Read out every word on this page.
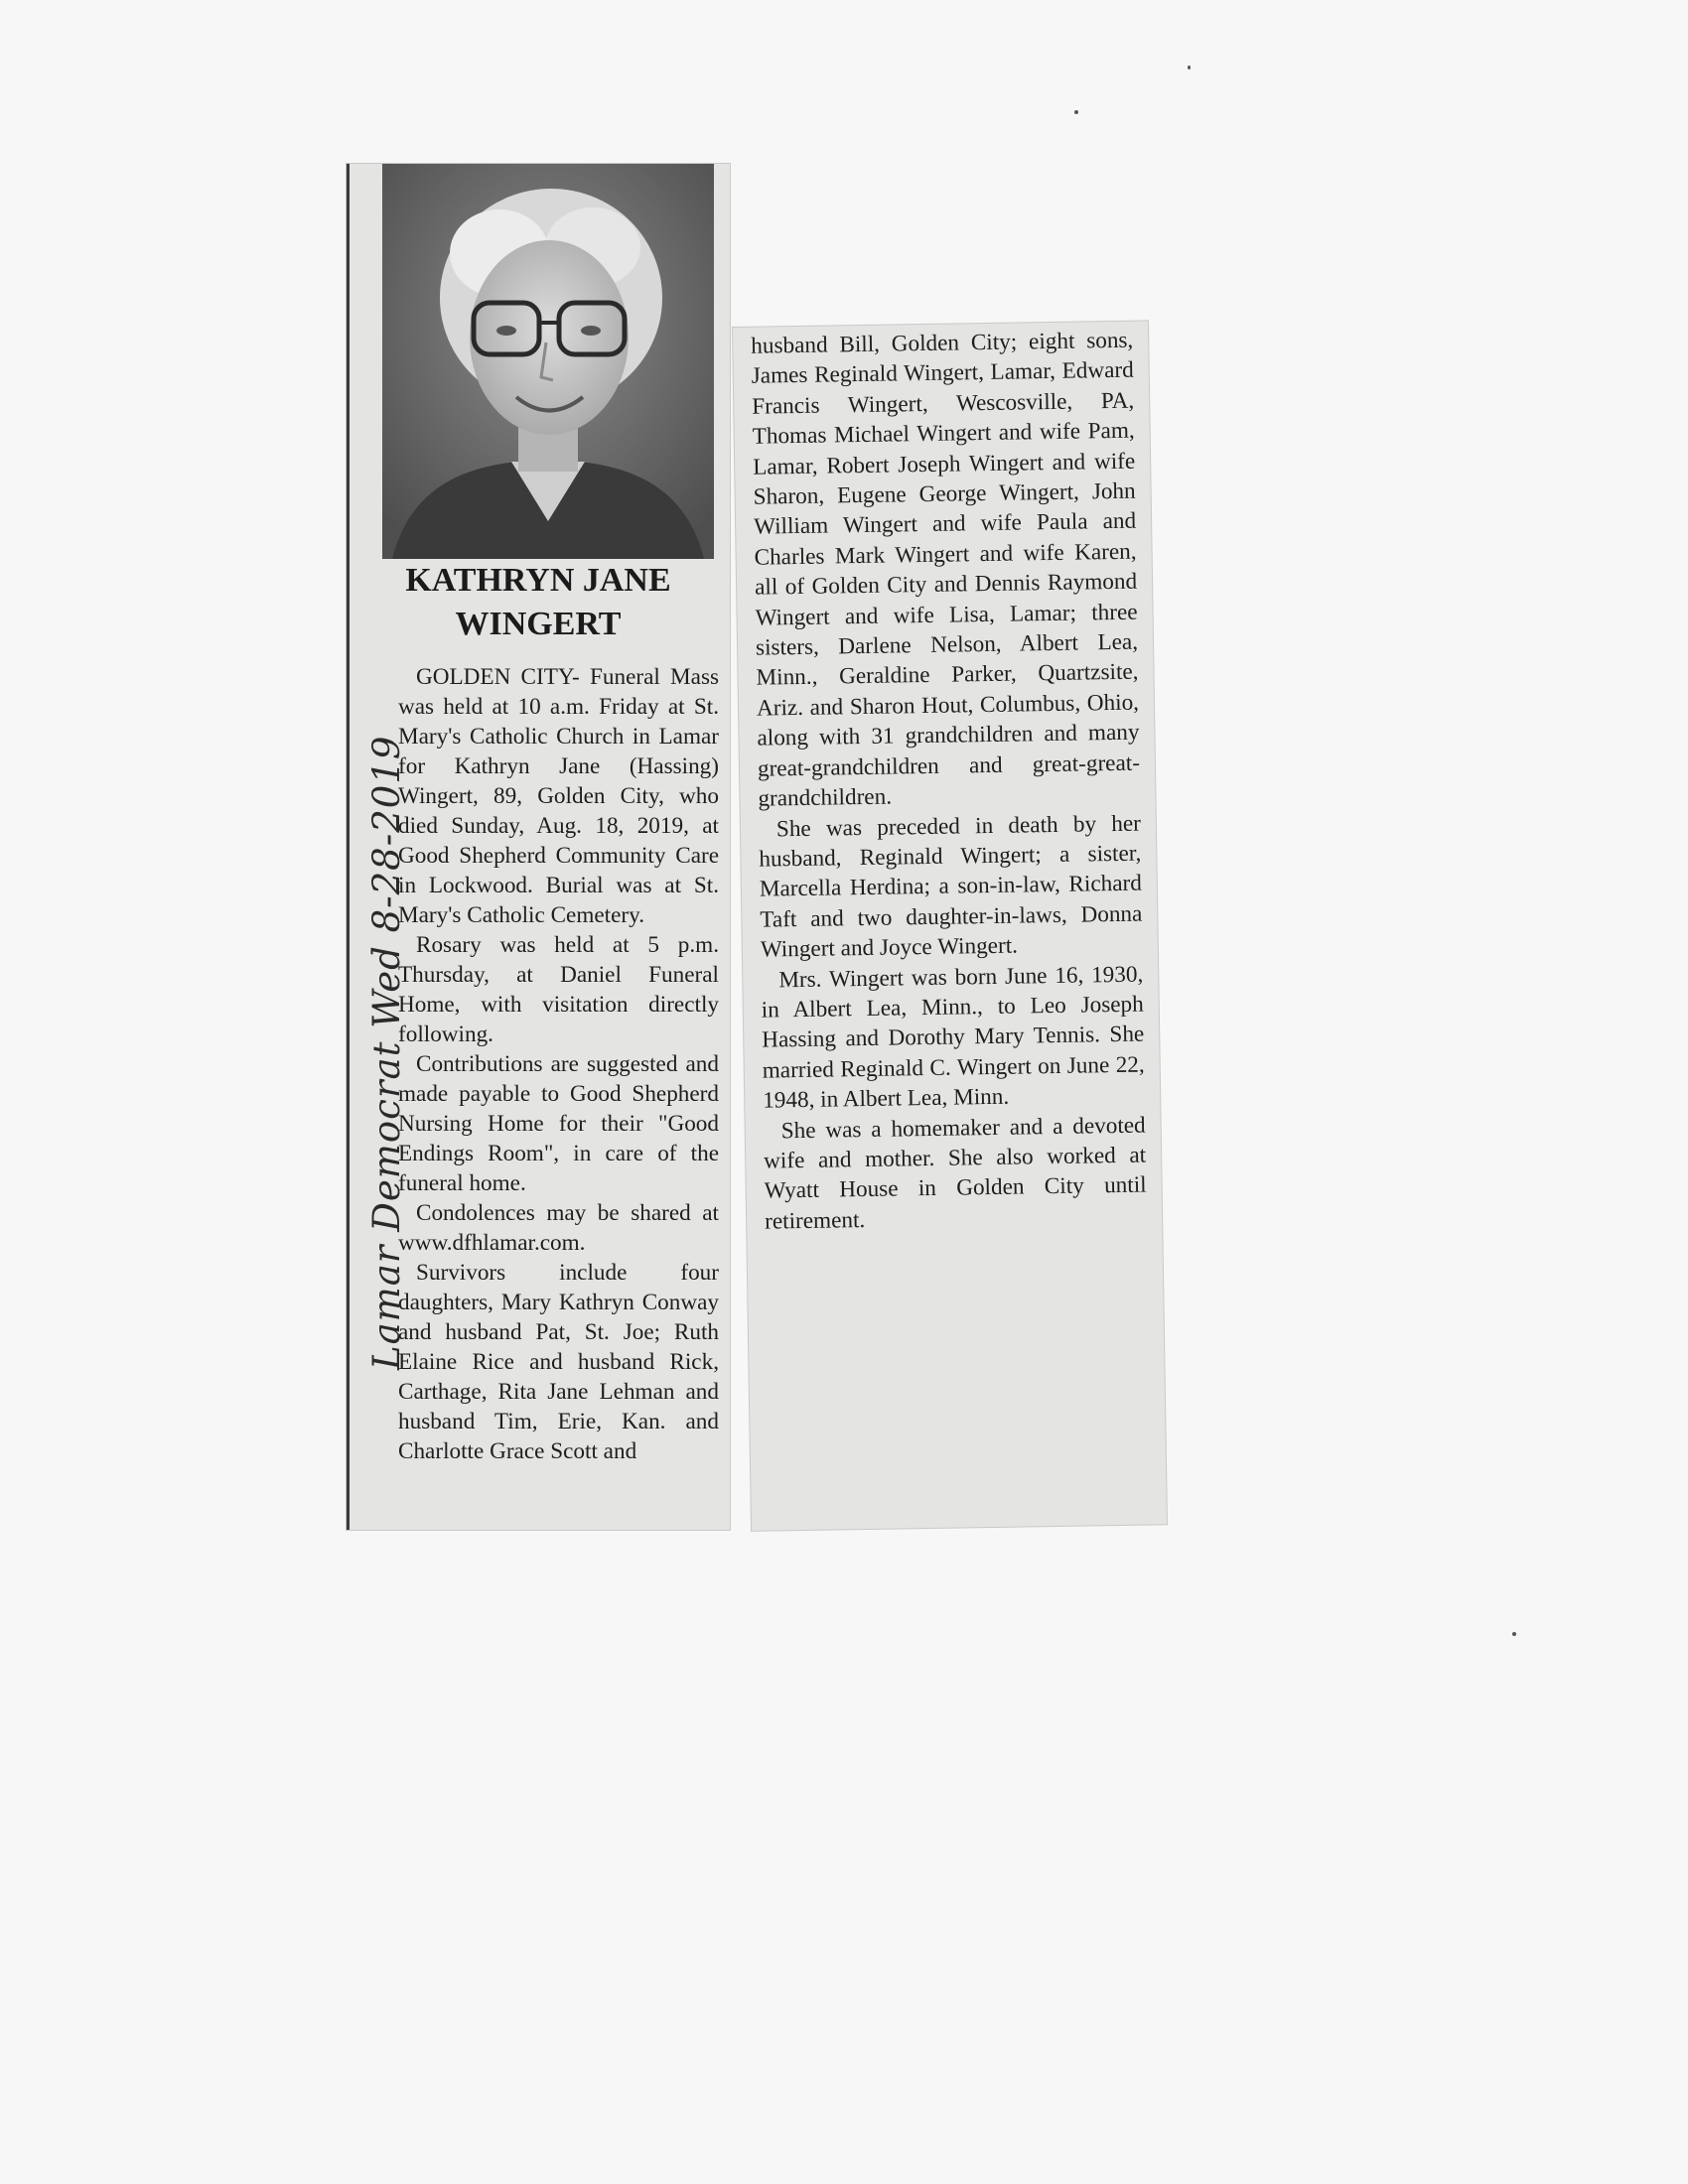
KATHRYN JANE
WINGERT

GOLDEN CITY- Funeral Mass was held at 10 a.m. Friday at St. Mary's Catholic Church in Lamar for Kathryn Jane (Hassing) Wingert, 89, Golden City, who died Sunday, Aug. 18, 2019, at Good Shepherd Community Care in Lockwood. Burial was at St. Mary's Catholic Cemetery.

Rosary was held at 5 p.m. Thursday, at Daniel Funeral Home, with visitation directly following.

Contributions are suggested and made payable to Good Shepherd Nursing Home for their "Good Endings Room", in care of the funeral home.

Condolences may be shared at www.dfhlamar.com.

Survivors include four daughters, Mary Kathryn Conway and husband Pat, St. Joe; Ruth Elaine Rice and husband Rick, Carthage, Rita Jane Lehman and husband Tim, Erie, Kan. and Charlotte Grace Scott and

Lamar Democrat Wed 8-28-2019

husband Bill, Golden City; eight sons, James Reginald Wingert, Lamar, Edward Francis Wingert, Wescosville, PA, Thomas Michael Wingert and wife Pam, Lamar, Robert Joseph Wingert and wife Sharon, Eugene George Wingert, John William Wingert and wife Paula and Charles Mark Wingert and wife Karen, all of Golden City and Dennis Raymond Wingert and wife Lisa, Lamar; three sisters, Darlene Nelson, Albert Lea, Minn., Geraldine Parker, Quartzsite, Ariz. and Sharon Hout, Columbus, Ohio, along with 31 grandchildren and many great-grandchildren and great-great-grandchildren.

She was preceded in death by her husband, Reginald Wingert; a sister, Marcella Herdina; a son-in-law, Richard Taft and two daughter-in-laws, Donna Wingert and Joyce Wingert.

Mrs. Wingert was born June 16, 1930, in Albert Lea, Minn., to Leo Joseph Hassing and Dorothy Mary Tennis. She married Reginald C. Wingert on June 22, 1948, in Albert Lea, Minn.

She was a homemaker and a devoted wife and mother. She also worked at Wyatt House in Golden City until retirement.
